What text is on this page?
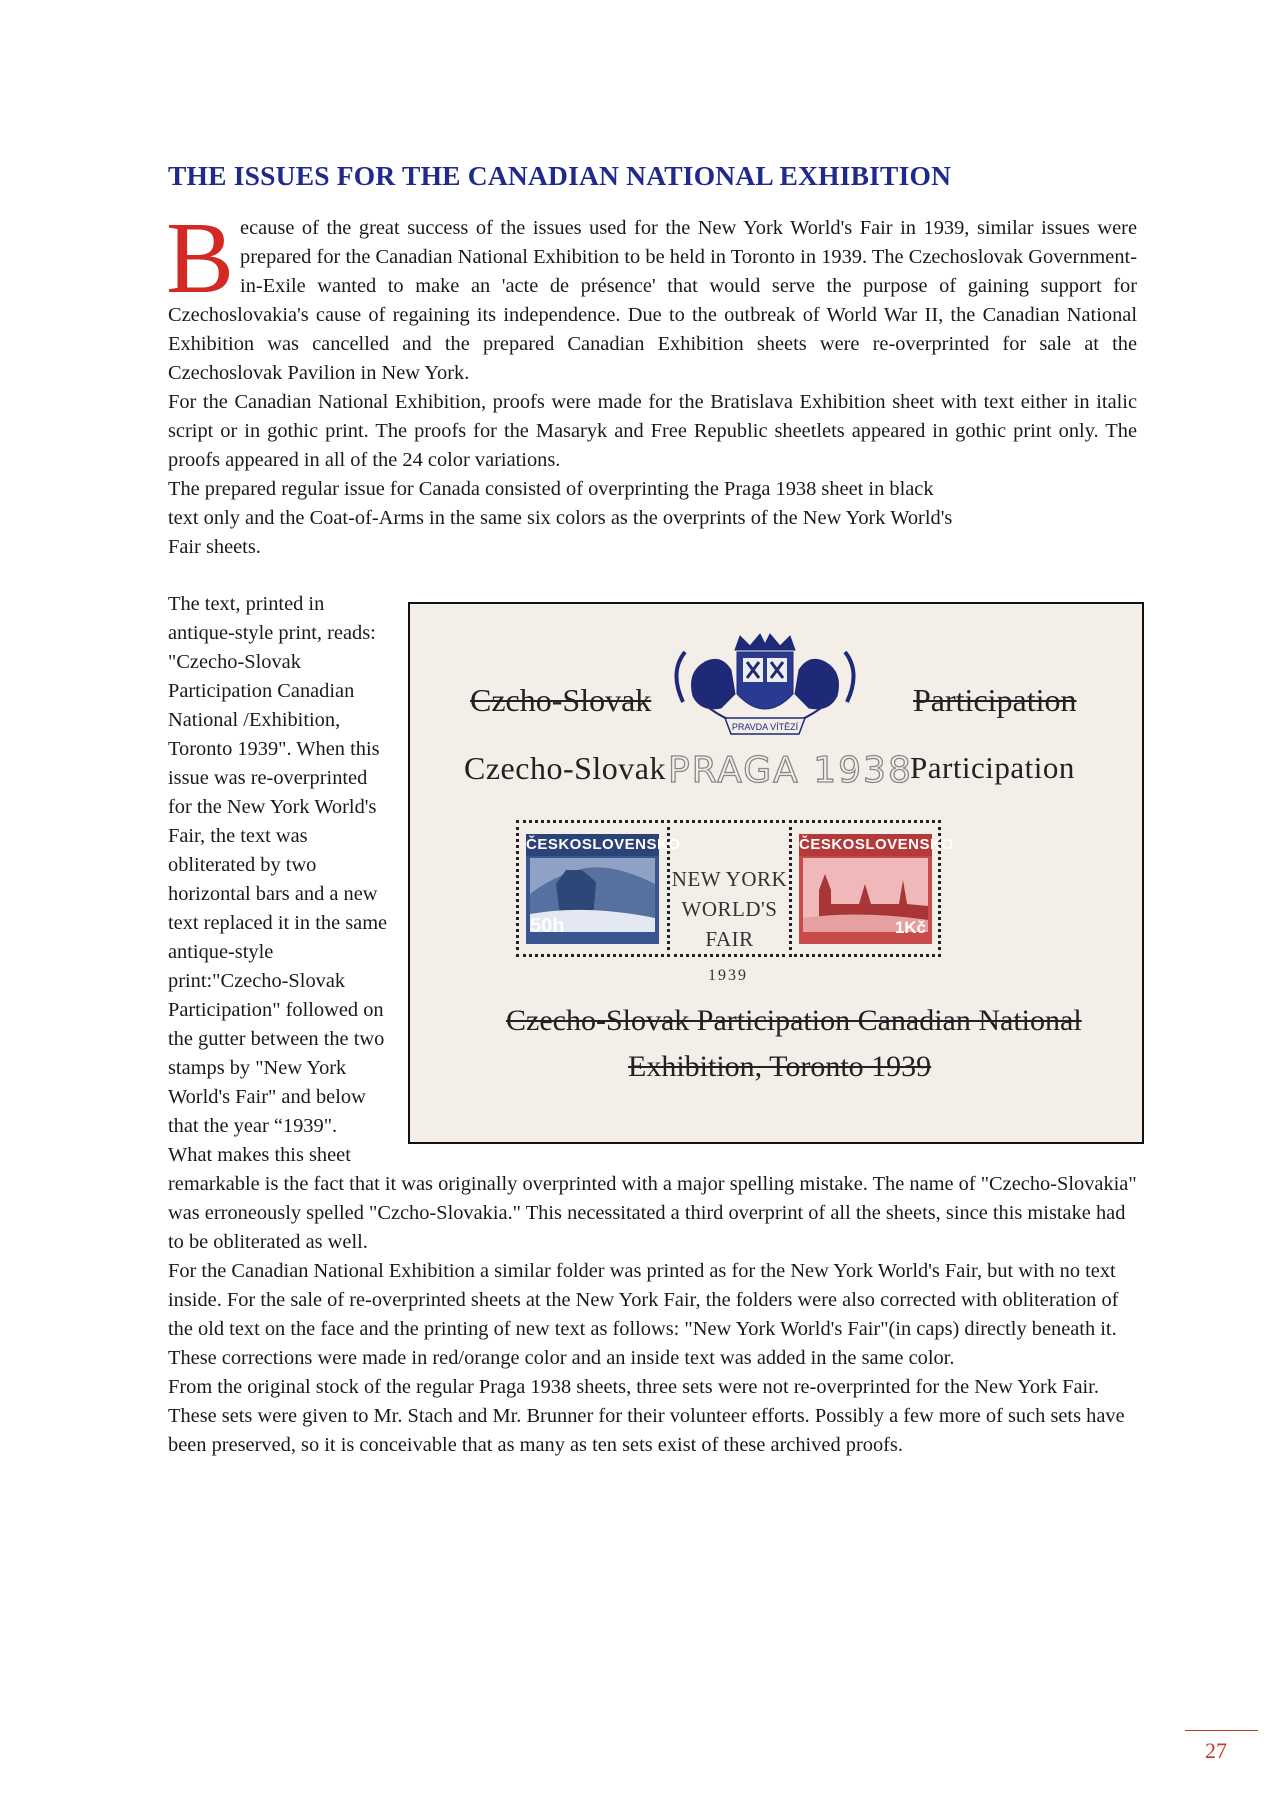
THE ISSUES FOR THE CANADIAN NATIONAL EXHIBITION

Because of the great success of the issues used for the New York World's Fair in 1939, similar issues were prepared for the Canadian National Exhibition to be held in Toronto in 1939. The Czechoslovak Government-in-Exile wanted to make an 'acte de présence' that would serve the purpose of gaining support for Czechoslovakia's cause of regaining its independence. Due to the outbreak of World War II, the Canadian National Exhibition was cancelled and the prepared Canadian Exhibition sheets were re-overprinted for sale at the Czechoslovak Pavilion in New York.

For the Canadian National Exhibition, proofs were made for the Bratislava Exhibition sheet with text either in italic script or in gothic print. The proofs for the Masaryk and Free Republic sheetlets appeared in gothic print only. The proofs appeared in all of the 24 color variations.

The prepared regular issue for Canada consisted of overprinting the Praga 1938 sheet in black text only and the Coat-of-Arms in the same six colors as the overprints of the New York World's Fair sheets.

The text, printed in antique-style print, reads: "Czecho-Slovak Participation Canadian National /Exhibition, Toronto 1939". When this issue was re-overprinted for the New York World's Fair, the text was obliterated by two horizontal bars and a new text replaced it in the same antique-style print:"Czecho-Slovak Participation" followed on the gutter between the two stamps by "New York World's Fair" and below that the year “1939".

What makes this sheet remarkable is the fact that it was originally overprinted with a major spelling mistake. The name of "Czecho-Slovakia" was erroneously spelled "Czcho-Slovakia." This necessitated a third overprint of all the sheets, since this mistake had to be obliterated as well.

For the Canadian National Exhibition a similar folder was printed as for the New York World's Fair, but with no text inside. For the sale of re-overprinted sheets at the New York Fair, the folders were also corrected with obliteration of the old text on the face and the printing of new text as follows: "New York World's Fair"(in caps) directly beneath it. These corrections were made in red/orange color and an inside text was added in the same color.

From the original stock of the regular Praga 1938 sheets, three sets were not re-overprinted for the New York Fair. These sets were given to Mr. Stach and Mr. Brunner for their volunteer efforts. Possibly a few more of such sets have been preserved, so it is conceivable that as many as ten sets exist of these archived proofs.

PRAVDA VÍTĚZÍ
Czcho-Slovak	Participation
Czecho-Slovak PRAGA 1938
Participation
ČESKOSLOVENSKO
50h
ČESKOSLOVENSKO
1Kč
NEW YORK
WORLD'S
FAIR
1939
Czecho-Slovak Participation Canadian National
Exhibition, Toronto 1939
27
